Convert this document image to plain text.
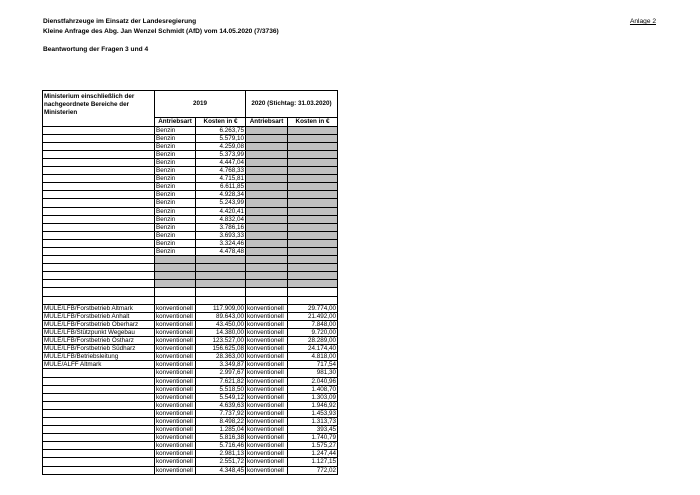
Dienstfahrzeuge im Einsatz der Landesregierung
Kleine Anfrage des Abg. Jan Wenzel Schmidt (AfD) vom 14.05.2020 (7/3736)
Anlage 2
Beantwortung der Fragen 3 und 4
Ministerium einschließlich der nachgeordnete Bereiche der Ministerien	2019		2020 (Stichtag: 31.03.2020)	
	Antriebsart	Kosten in €	Antriebsart	Kosten in €
	Benzin	6.263,75		
	Benzin	5.579,10		
	Benzin	4.259,08		
	Benzin	5.373,99		
	Benzin	4.447,04		
	Benzin	4.768,33		
	Benzin	4.715,81		
	Benzin	6.611,85		
	Benzin	4.928,34		
	Benzin	5.243,99		
	Benzin	4.420,41		
	Benzin	4.832,04		
	Benzin	3.786,16		
	Benzin	3.693,33		
	Benzin	3.324,46		
	Benzin	4.478,48		

MULE/LFB/Forstbetrieb Altmark	konventionell	117.909,00	konventionell	29.774,00
MULE/LFB/Forstbetrieb Anhalt	konventionell	89.643,00	konventionell	21.492,00
MULE/LFB/Forstbetrieb Oberharz	konventionell	43.450,00	konventionell	7.848,00
MULE/LFB/Stützpunkt Wegebau	konventionell	14.380,00	konventionell	9.720,00
MULE/LFB/Forstbetrieb Ostharz	konventionell	123.527,00	konventionell	28.289,00
MULE/LFB/Forstbetrieb Südharz	konventionell	156.625,08	konventionell	24.174,40
MULE/LFB/Betriebsleitung	konventionell	28.363,00	konventionell	4.818,00
MULE/ALFF Altmark	konventionell	3.349,87	konventionell	717,54
	konventionell	2.997,67	konventionell	981,30
	konventionell	7.621,82	konventionell	2.040,96
	konventionell	5.518,50	konventionell	1.408,70
	konventionell	5.549,12	konventionell	1.303,09
	konventionell	4.639,63	konventionell	1.946,92
	konventionell	7.737,92	konventionell	1.453,93
	konventionell	8.498,22	konventionell	1.313,73
	konventionell	1.285,04	konventionell	393,45
	konventionell	5.816,38	konventionell	1.740,79
	konventionell	5.716,46	konventionell	1.575,27
	konventionell	2.981,13	konventionell	1.247,44
	konventionell	2.551,72	konventionell	1.127,15
	konventionell	4.348,45	konventionell	772,02
